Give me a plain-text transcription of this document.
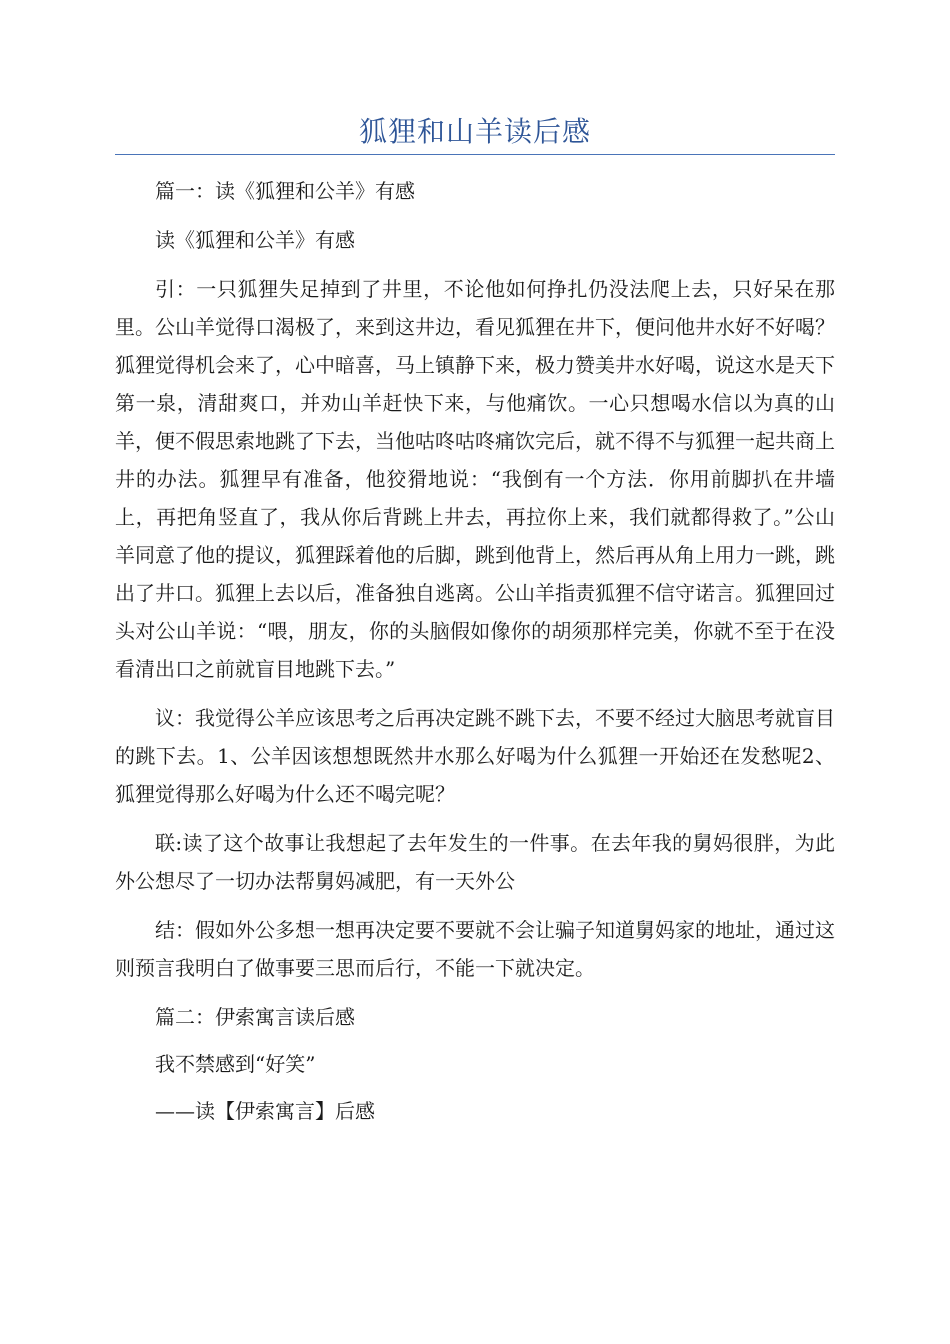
狐狸和山羊读后感

篇一：读《狐狸和公羊》有感

读《狐狸和公羊》有感

引：一只狐狸失足掉到了井里，不论他如何挣扎仍没法爬上去，只好呆在那里。公山羊觉得口渴极了，来到这井边，看见狐狸在井下，便问他井水好不好喝？狐狸觉得机会来了，心中暗喜，马上镇静下来，极力赞美井水好喝，说这水是天下第一泉，清甜爽口，并劝山羊赶快下来，与他痛饮。一心只想喝水信以为真的山羊，便不假思索地跳了下去，当他咕咚咕咚痛饮完后，就不得不与狐狸一起共商上井的办法。狐狸早有准备，他狡猾地说：“我倒有一个方法．你用前脚扒在井墙上，再把角竖直了，我从你后背跳上井去，再拉你上来，我们就都得救了。”公山羊同意了他的提议，狐狸踩着他的后脚，跳到他背上，然后再从角上用力一跳，跳出了井口。狐狸上去以后，准备独自逃离。公山羊指责狐狸不信守诺言。狐狸回过头对公山羊说：“喂，朋友，你的头脑假如像你的胡须那样完美，你就不至于在没看清出口之前就盲目地跳下去。”

议：我觉得公羊应该思考之后再决定跳不跳下去，不要不经过大脑思考就盲目的跳下去。1、公羊因该想想既然井水那么好喝为什么狐狸一开始还在发愁呢2、狐狸觉得那么好喝为什么还不喝完呢？

联:读了这个故事让我想起了去年发生的一件事。在去年我的舅妈很胖，为此外公想尽了一切办法帮舅妈减肥，有一天外公

结：假如外公多想一想再决定要不要就不会让骗子知道舅妈家的地址，通过这则预言我明白了做事要三思而后行，不能一下就决定。

篇二：伊索寓言读后感

我不禁感到“好笑”

——读【伊索寓言】后感
